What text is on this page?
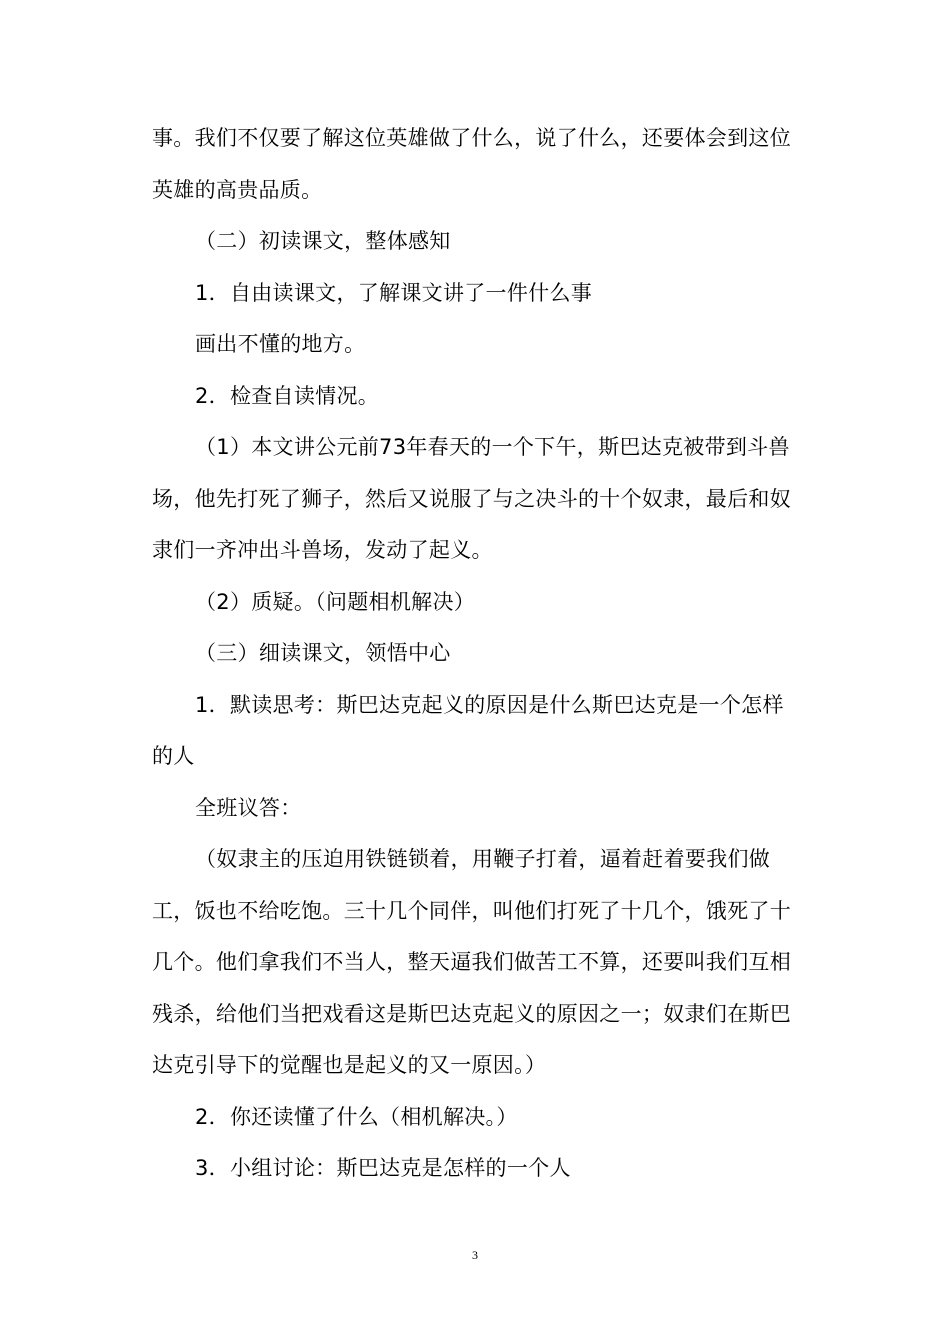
事。我们不仅要了解这位英雄做了什么，说了什么，还要体会到这位英雄的高贵品质。

（二）初读课文，整体感知

1．自由读课文，了解课文讲了一件什么事

画出不懂的地方。

2．检查自读情况。

（1）本文讲公元前73年春天的一个下午，斯巴达克被带到斗兽场，他先打死了狮子，然后又说服了与之决斗的十个奴隶，最后和奴隶们一齐冲出斗兽场，发动了起义。

（2）质疑。（问题相机解决）

（三）细读课文，领悟中心

1．默读思考：斯巴达克起义的原因是什么斯巴达克是一个怎样的人

全班议答：

（奴隶主的压迫用铁链锁着，用鞭子打着，逼着赶着要我们做工，饭也不给吃饱。三十几个同伴，叫他们打死了十几个，饿死了十几个。他们拿我们不当人，整天逼我们做苦工不算，还要叫我们互相残杀，给他们当把戏看这是斯巴达克起义的原因之一；奴隶们在斯巴达克引导下的觉醒也是起义的又一原因。）

2．你还读懂了什么（相机解决。）

3．小组讨论：斯巴达克是怎样的一个人

3
